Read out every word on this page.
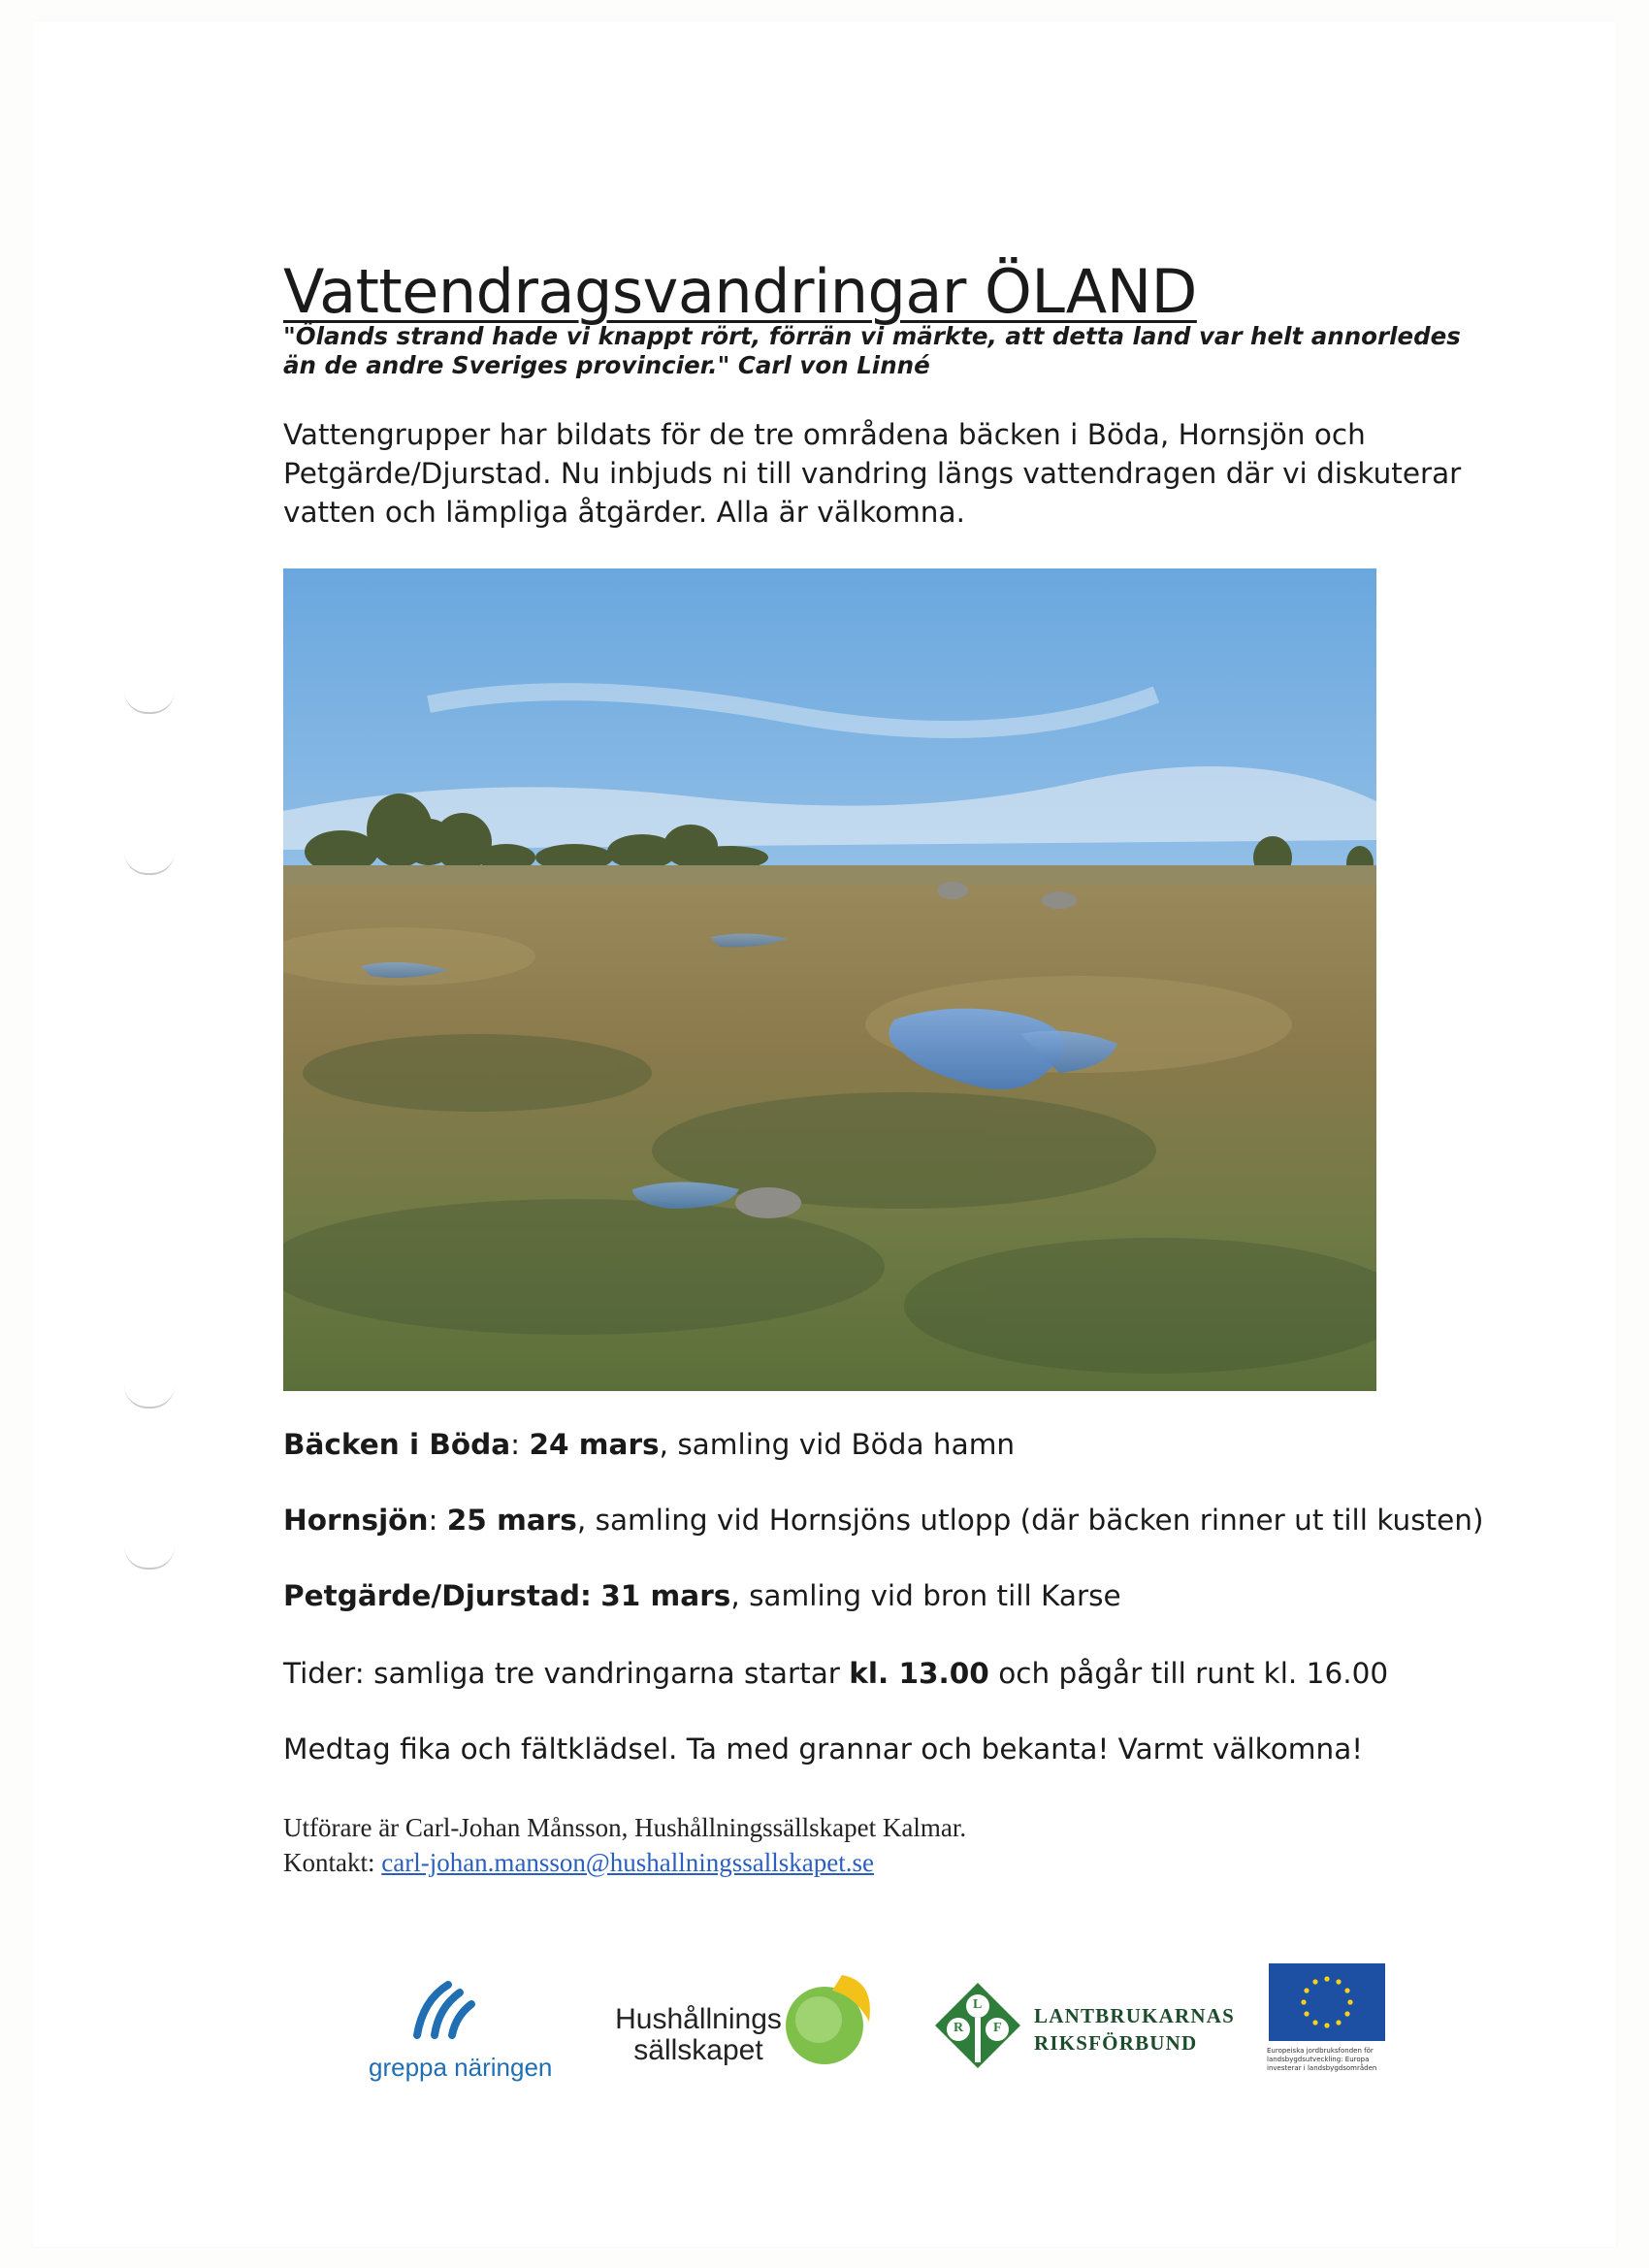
Vattendragsvandringar ÖLAND
"Ölands strand hade vi knappt rört, förrän vi märkte, att detta land var helt annorledes än de andre Sveriges provincier." Carl von Linné
Vattengrupper har bildats för de tre områdena bäcken i Böda, Hornsjön och Petgärde/Djurstad. Nu inbjuds ni till vandring längs vattendragen där vi diskuterar vatten och lämpliga åtgärder. Alla är välkomna.
Bäcken i Böda: 24 mars, samling vid Böda hamn
Hornsjön: 25 mars, samling vid Hornsjöns utlopp (där bäcken rinner ut till kusten)
Petgärde/Djurstad: 31 mars, samling vid bron till Karse
Tider: samliga tre vandringarna startar kl. 13.00 och pågår till runt kl. 16.00
Medtag fika och fältklädsel. Ta med grannar och bekanta! Varmt välkomna!
Utförare är Carl-Johan Månsson, Hushållningssällskapet Kalmar.
Kontakt: carl-johan.mansson@hushallningssallskapet.se
greppa näringen
Hushållnings
sällskapet
L
R F
LANTBRUKARNAS
RIKSFÖRBUND	Europeiska jordbruksfonden för landsbygdsutveckling: Europa investerar i landsbygdsområden
